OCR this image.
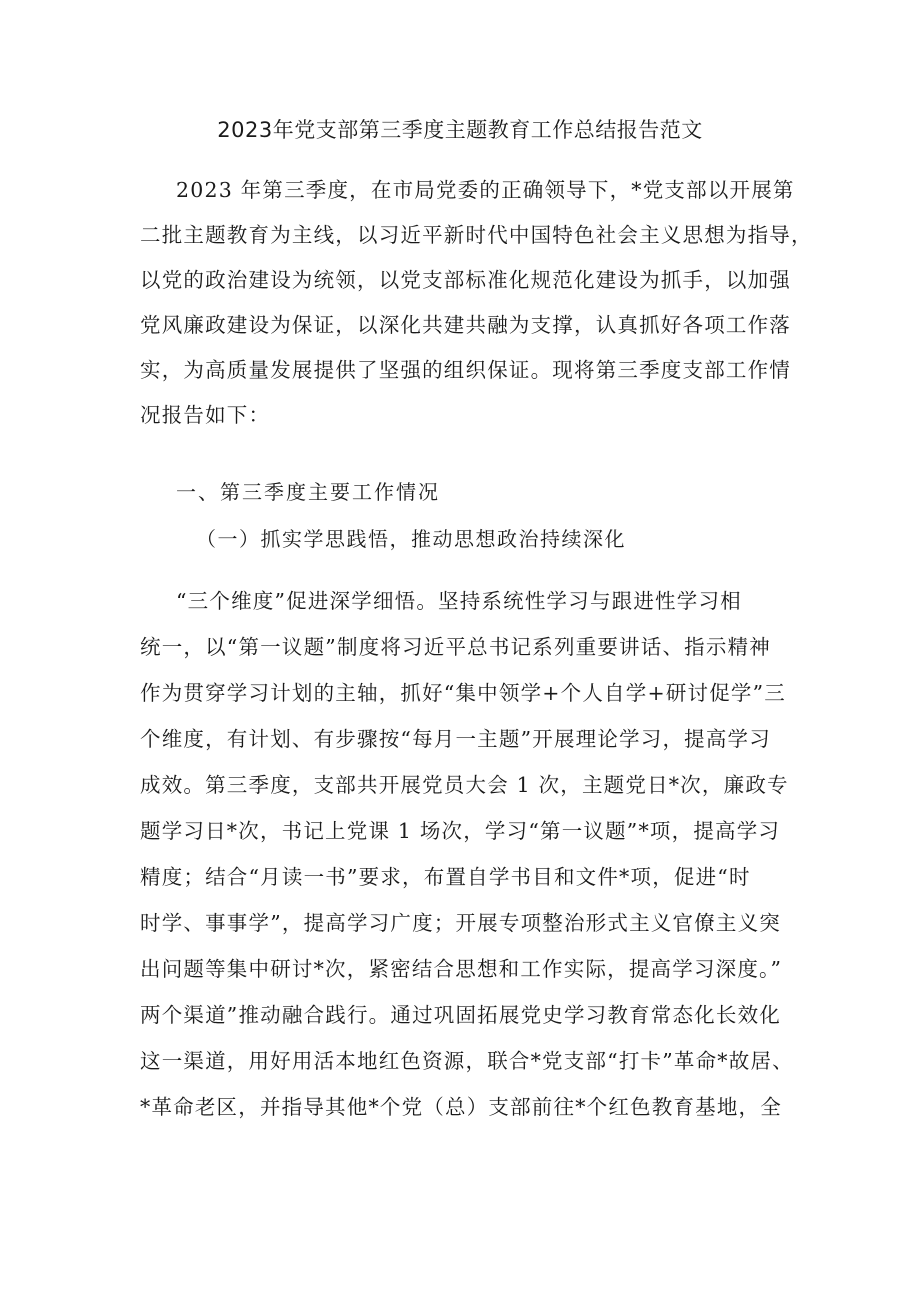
2023年党支部第三季度主题教育工作总结报告范文
2023 年第三季度，在市局党委的正确领导下，*党支部以开展第
二批主题教育为主线，以习近平新时代中国特色社会主义思想为指导，
以党的政治建设为统领，以党支部标准化规范化建设为抓手，以加强
党风廉政建设为保证，以深化共建共融为支撑，认真抓好各项工作落
实，为高质量发展提供了坚强的组织保证。现将第三季度支部工作情
况报告如下：
一、第三季度主要工作情况
（一）抓实学思践悟，推动思想政治持续深化
“三个维度”促进深学细悟。坚持系统性学习与跟进性学习相
统一，以“第一议题”制度将习近平总书记系列重要讲话、指示精神
作为贯穿学习计划的主轴，抓好“集中领学+个人自学+研讨促学”三
个维度，有计划、有步骤按“每月一主题”开展理论学习，提高学习
成效。第三季度，支部共开展党员大会 1 次，主题党日*次，廉政专
题学习日*次，书记上党课 1 场次，学习“第一议题”*项，提高学习
精度；结合“月读一书”要求，布置自学书目和文件*项，促进“时
时学、事事学”，提高学习广度；开展专项整治形式主义官僚主义突
出问题等集中研讨*次，紧密结合思想和工作实际，提高学习深度。”
两个渠道”推动融合践行。通过巩固拓展党史学习教育常态化长效化
这一渠道，用好用活本地红色资源，联合*党支部“打卡”革命*故居、
*革命老区，并指导其他*个党（总）支部前往*个红色教育基地，全
